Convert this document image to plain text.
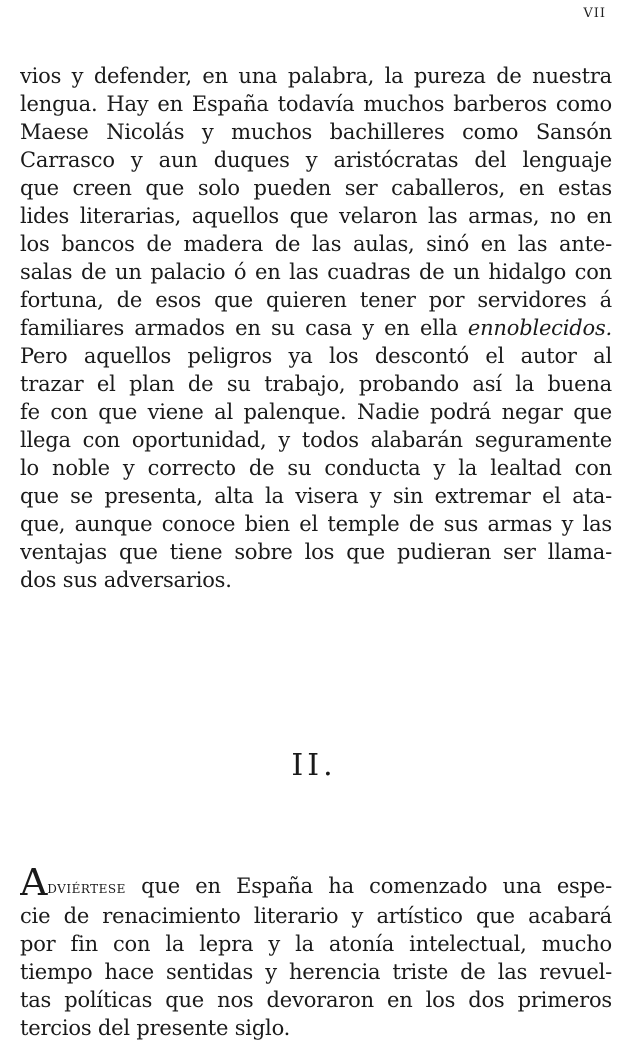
VII
vios y defender, en una palabra, la pureza de nuestra
lengua. Hay en España todavía muchos barberos como
Maese Nicolás y muchos bachilleres como Sansón
Carrasco y aun duques y aristócratas del lenguaje
que creen que solo pueden ser caballeros, en estas
lides literarias, aquellos que velaron las armas, no en
los bancos de madera de las aulas, sinó en las ante-
salas de un palacio ó en las cuadras de un hidalgo con
fortuna, de esos que quieren tener por servidores á
familiares armados en su casa y en ella ennoblecidos.
Pero aquellos peligros ya los descontó el autor al
trazar el plan de su trabajo, probando así la buena
fe con que viene al palenque. Nadie podrá negar que
llega con oportunidad, y todos alabarán seguramente
lo noble y correcto de su conducta y la lealtad con
que se presenta, alta la visera y sin extremar el ata-
que, aunque conoce bien el temple de sus armas y las
ventajas que tiene sobre los que pudieran ser llama-
dos sus adversarios.
II.
Adviértese que en España ha comenzado una espe-
cie de renacimiento literario y artístico que acabará
por fin con la lepra y la atonía intelectual, mucho
tiempo hace sentidas y herencia triste de las revuel-
tas políticas que nos devoraron en los dos primeros
tercios del presente siglo.
